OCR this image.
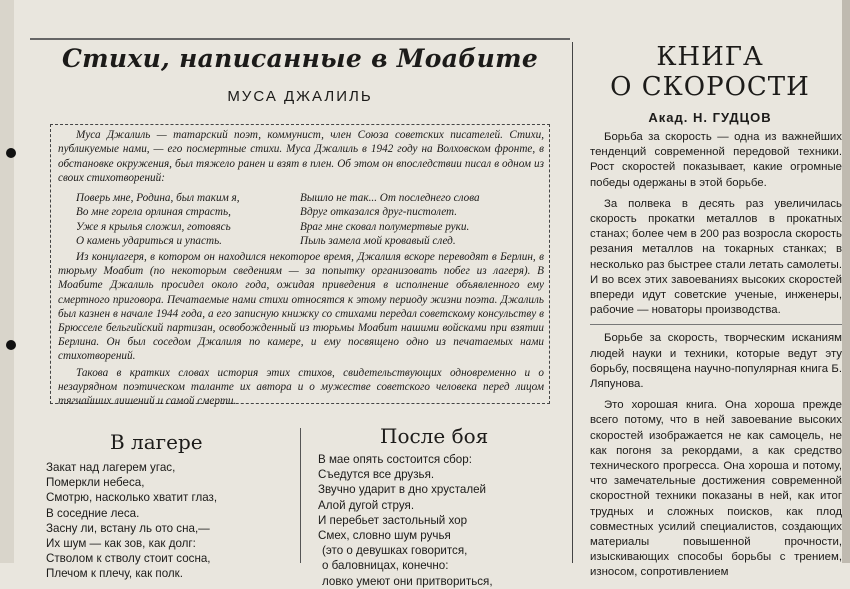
Стихи, написанные в Моабите
МУСА ДЖАЛИЛЬ

Муса Джалиль — татарский поэт, коммунист, член Союза советских писателей. Стихи, публикуемые нами, — его посмертные стихи. Муса Джалиль в 1942 году на Волховском фронте, в обстановке окружения, был тяжело ранен и взят в плен. Об этом он впоследствии писал в одном из своих стихотворений:

Поверь мне, Родина, был таким я,
Во мне горела орлиная страсть,
Уже я крылья сложил, готовясь
О камень удариться и упасть.
Вышло не так... От последнего слова
Вдруг отказался друг-пистолет.
Враг мне сковал полумертвые руки.
Пыль замела мой кровавый след.

Из концлагеря, в котором он находился некоторое время, Джалиля вскоре переводят в Берлин, в тюрьму Моабит (по некоторым сведениям — за попытку организовать побег из лагеря). В Моабите Джалиль просидел около года, ожидая приведения в исполнение объявленного ему смертного приговора. Печатаемые нами стихи относятся к этому периоду жизни поэта. Джалиль был казнен в начале 1944 года, а его записную книжку со стихами передал советскому консульству в Брюсселе бельгийский партизан, освобожденный из тюрьмы Моабит нашими войсками при взятии Берлина. Он был соседом Джалиля по камере, и ему посвящено одно из печатаемых нами стихотворений.

Такова в кратких словах история этих стихов, свидетельствующих одновременно и о незаурядном поэтическом таланте их автора и о мужестве советского человека перед лицом тягчайших лишений и самой смерти.

В лагере	После боя
Закат над лагерем угас,
Померкли небеса,
Смотрю, насколько хватит глаз,
В соседние леса.
Засну ли, встану ль ото сна,—
Их шум — как зов, как долг:
Стволом к стволу стоит сосна,
Плечом к плечу, как полк.
В мае опять состоится сбор:
Съедутся все друзья.
Звучно ударит в дно хрусталей
Алой дугой струя.
И перебьет застольный хор
Смех, словно шум ручья
(это о девушках говорится,
о баловницах, конечно:
ловко умеют они притвориться,
КНИГА
О СКОРОСТИ
Акад. Н. ГУДЦОВ

Борьба за скорость — одна из важнейших тенденций современной передовой техники. Рост скоростей показывает, какие огромные победы одержаны в этой борьбе.

За полвека в десять раз увеличилась скорость прокатки металлов в прокатных станах; более чем в 200 раз возросла скорость резания металлов на токарных станках; в несколько раз быстрее стали летать самолеты. И во всех этих завоеваниях высоких скоростей впереди идут советские ученые, инженеры, рабочие — новаторы производства.

Борьбе за скорость, творческим исканиям людей науки и техники, которые ведут эту борьбу, посвящена научно-популярная книга Б. Ляпунова.

Это хорошая книга. Она хороша прежде всего потому, что в ней завоевание высоких скоростей изображается не как самоцель, не как погоня за рекордами, а как средство технического прогресса. Она хороша и потому, что замечательные достижения современной скоростной техники показаны в ней, как итог трудных и сложных поисков, как плод совместных усилий специалистов, создающих материалы повышенной прочности, изыскивающих способы борьбы с трением, износом, сопротивлением
